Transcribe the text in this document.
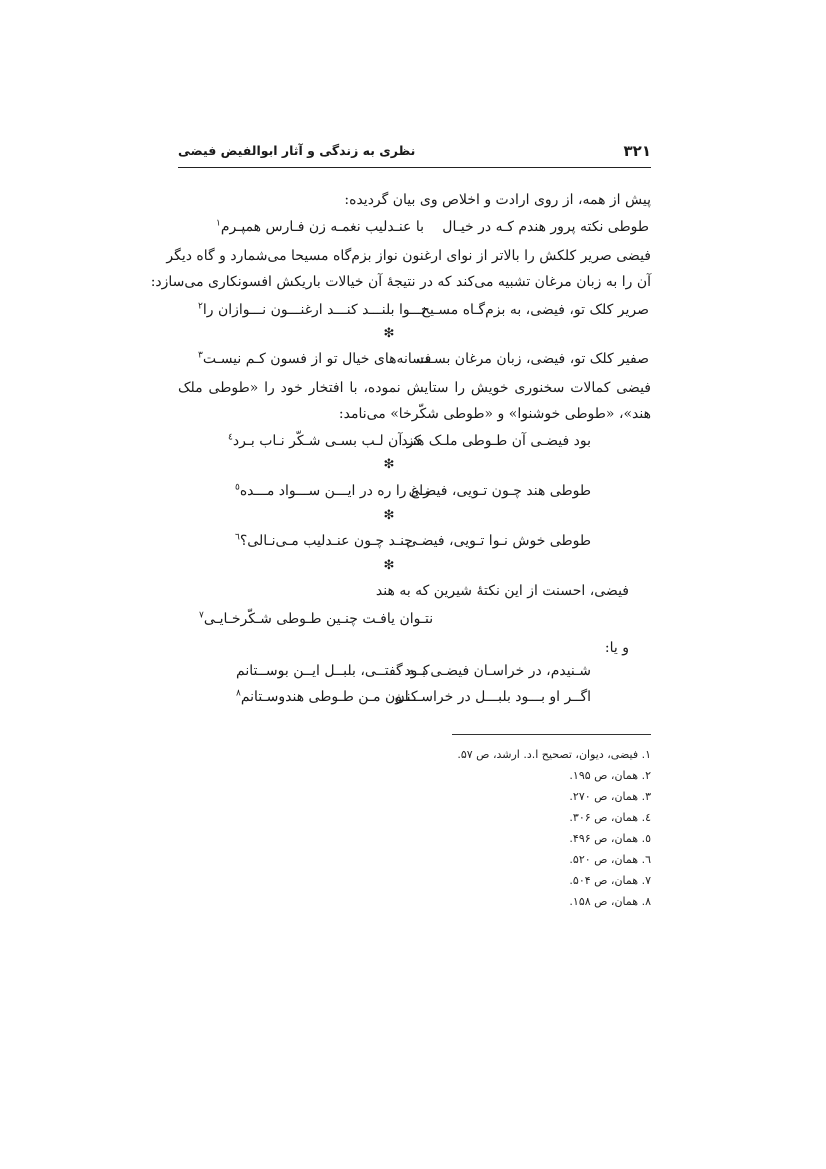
۳۲۱
نظری به زندگی و آثار ابوالفیض فیضی
پیش از همه، از روی ارادت و اخلاص وی بیان گردیده:
طوطی نکته پرور هندم کـه در خیـال
با عنـدلیب نغمـه زن فـارس همپـرم$^۱$
فیضی صریر کلکش را بالاتر از نوای ارغنون نواز بزم‌گاه مسیحا می‌شمارد و گاه دیگر
آن را به زبان مرغان تشبیه می‌کند که در نتیجهٔ آن خیالات باریکش افسونکاری می‌سازد:
صریر کلک تو، فیضی، به بزم‌گـاه مسـیح
نـــوا بلنـــد کنـــد ارغنـــون نـــوازان را$^۲$
❇
صفیر کلک تو، فیضی، زبان مرغان بسـت
فسانه‌های خیال تو از فسون کـم نیسـت$^۳$
فیضی کمالات سخنوری خویش را ستایش نموده، با افتخار خود را «طوطی ملک
هند»، «طوطی خوشنوا» و «طوطی شکّرخا» می‌نامد:
بود فیضـی آن طـوطی ملـک هنـد
کز آن لـب بسـی شـکّر نـاب بـرد$^٤$
❇
طوطی هند چـون تـویی، فیضـی
زاغ را ره در ایـــن ســـواد مـــده$^٥$
❇
طوطی خوش نـوا تـویی، فیضـی
چنـد چـون عنـدلیب مـی‌نـالی؟$^٦$
❇
فیضی، احسنت از این نکتهٔ شیرین که به هند
نتـوان یافـت چنـین طـوطی شـکّرخـایـی$^۷$
و یا:
شـنیدم، در خراسـان فیضـی بـود
کــه گفتــی، بلبــل ایــن بوســتانم
اگــر او بـــود بلبـــل در خراســـان
کنـون مـن طـوطی هندوسـتانم$^۸$
۱. فیضی، دیوان، تصحیح ا.د. ارشد، ص ۵۷.
۲. همان، ص ۱۹۵.
۳. همان، ص ۲۷۰.
٤. همان، ص ۳۰۶.
٥. همان، ص ۴۹۶.
٦. همان، ص ۵۲۰.
۷. همان، ص ۵۰۴.
۸. همان، ص ۱۵۸.
